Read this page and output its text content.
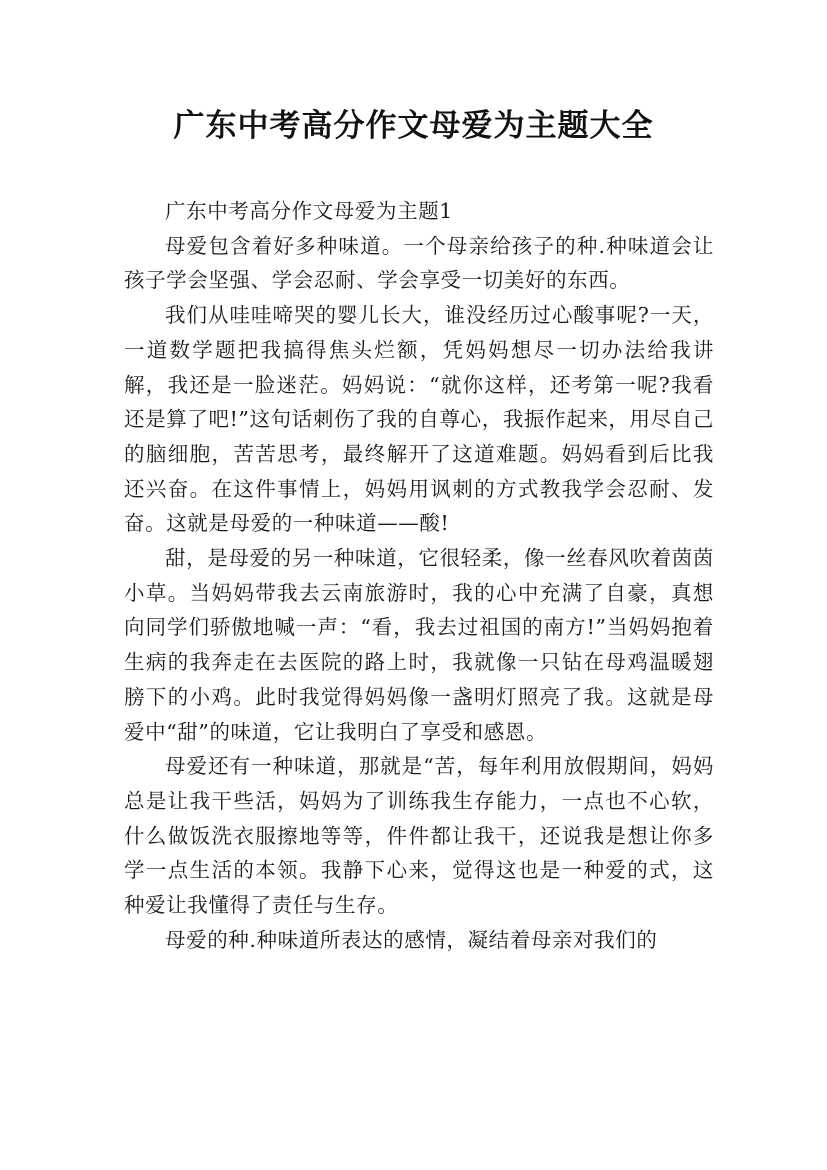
广东中考高分作文母爱为主题大全

广东中考高分作文母爱为主题1

母爱包含着好多种味道。一个母亲给孩子的种.种味道会让孩子学会坚强、学会忍耐、学会享受一切美好的东西。

我们从哇哇啼哭的婴儿长大，谁没经历过心酸事呢?一天，一道数学题把我搞得焦头烂额，凭妈妈想尽一切办法给我讲解，我还是一脸迷茫。妈妈说：“就你这样，还考第一呢?我看还是算了吧!”这句话刺伤了我的自尊心，我振作起来，用尽自己的脑细胞，苦苦思考，最终解开了这道难题。妈妈看到后比我还兴奋。在这件事情上，妈妈用讽刺的方式教我学会忍耐、发奋。这就是母爱的一种味道——酸!

甜，是母爱的另一种味道，它很轻柔，像一丝春风吹着茵茵小草。当妈妈带我去云南旅游时，我的心中充满了自豪，真想向同学们骄傲地喊一声：“看，我去过祖国的南方!”当妈妈抱着生病的我奔走在去医院的路上时，我就像一只钻在母鸡温暖翅膀下的小鸡。此时我觉得妈妈像一盏明灯照亮了我。这就是母爱中“甜”的味道，它让我明白了享受和感恩。

母爱还有一种味道，那就是“苦，每年利用放假期间，妈妈总是让我干些活，妈妈为了训练我生存能力，一点也不心软，什么做饭洗衣服擦地等等，件件都让我干，还说我是想让你多学一点生活的本领。我静下心来，觉得这也是一种爱的式，这种爱让我懂得了责任与生存。

母爱的种.种味道所表达的感情，凝结着母亲对我们的
